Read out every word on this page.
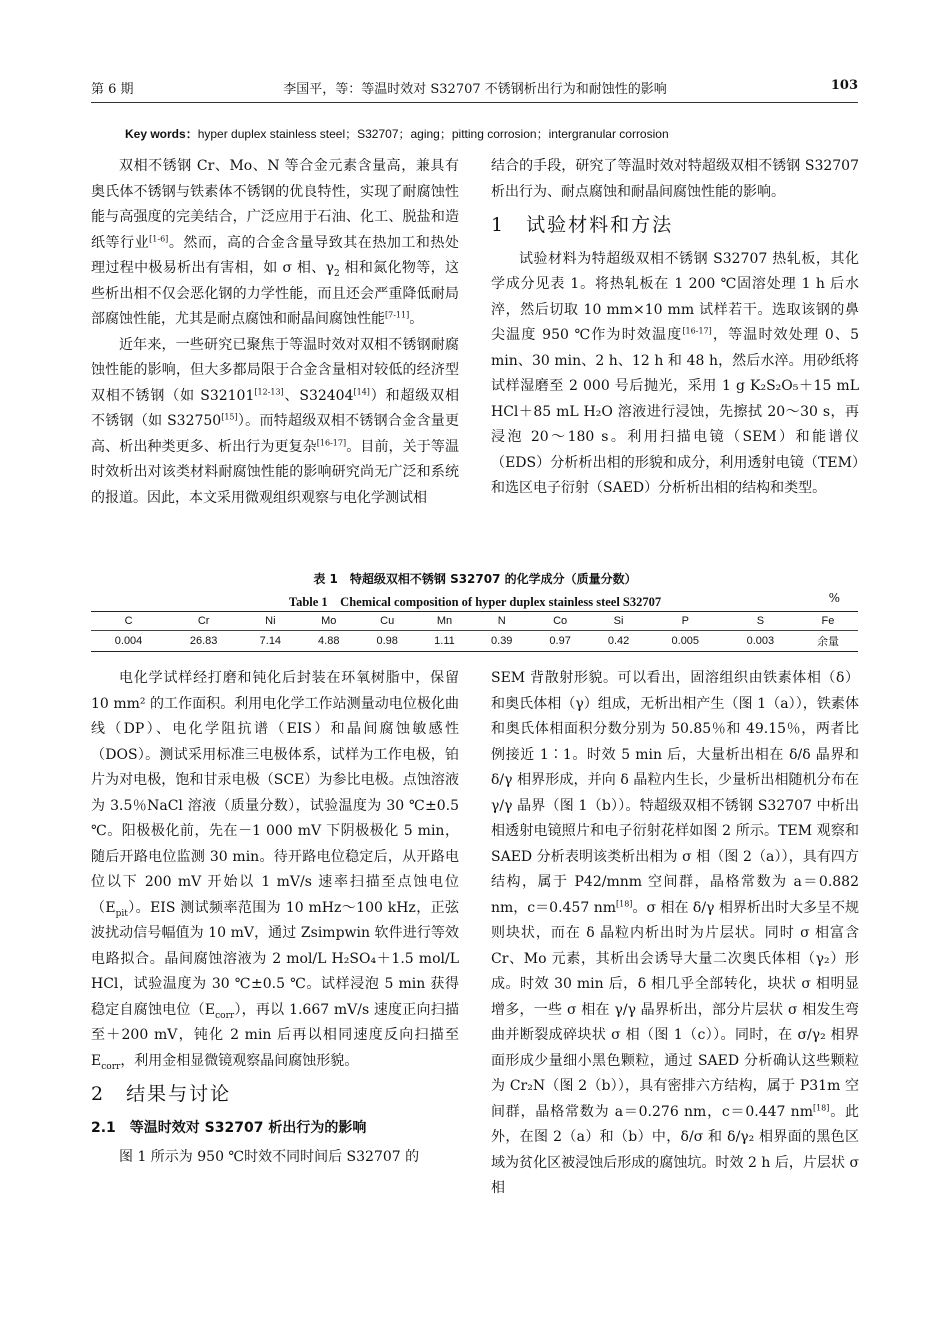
第 6 期	李国平，等：等温时效对 S32707 不锈钢析出行为和耐蚀性的影响	103
Key words：hyper duplex stainless steel；S32707；aging；pitting corrosion；intergranular corrosion

双相不锈钢 Cr、Mo、N 等合金元素含量高，兼具有奥氏体不锈钢与铁素体不锈钢的优良特性，实现了耐腐蚀性能与高强度的完美结合，广泛应用于石油、化工、脱盐和造纸等行业[1-6]。然而，高的合金含量导致其在热加工和热处理过程中极易析出有害相，如 σ 相、$\gamma_2$ 相和氮化物等，这些析出相不仅会恶化钢的力学性能，而且还会严重降低耐局部腐蚀性能，尤其是耐点腐蚀和耐晶间腐蚀性能[7-11]。

近年来，一些研究已聚焦于等温时效对双相不锈钢耐腐蚀性能的影响，但大多都局限于合金含量相对较低的经济型双相不锈钢（如 S32101[12-13]、S32404[14]）和超级双相不锈钢（如 S32750[15]）。而特超级双相不锈钢合金含量更高、析出种类更多、析出行为更复杂[16-17]。目前，关于等温时效析出对该类材料耐腐蚀性能的影响研究尚无广泛和系统的报道。因此，本文采用微观组织观察与电化学测试相

结合的手段，研究了等温时效对特超级双相不锈钢 S32707 析出行为、耐点腐蚀和耐晶间腐蚀性能的影响。

1　试验材料和方法

试验材料为特超级双相不锈钢 S32707 热轧板，其化学成分见表 1。将热轧板在 1 200 ℃固溶处理 1 h 后水淬，然后切取 10 mm×10 mm 试样若干。选取该钢的鼻尖温度 950 ℃作为时效温度[16-17]，等温时效处理 0、5 min、30 min、2 h、12 h 和 48 h，然后水淬。用砂纸将试样湿磨至 2 000 号后抛光，采用 1 g K₂S₂O₅＋15 mL HCl＋85 mL H₂O 溶液进行浸蚀，先擦拭 20～30 s，再浸泡 20～180 s。利用扫描电镜（SEM）和能谱仪（EDS）分析析出相的形貌和成分，利用透射电镜（TEM）和选区电子衍射（SAED）分析析出相的结构和类型。

表 1　特超级双相不锈钢 S32707 的化学成分（质量分数）
Table 1　Chemical composition of hyper duplex stainless steel S32707	%
C	Cr	Ni	Mo	Cu	Mn	N	Co	Si	P	S	Fe
0.004	26.83	7.14	4.88	0.98	1.11	0.39	0.97	0.42	0.005	0.003	余量

电化学试样经打磨和钝化后封装在环氧树脂中，保留 10 mm² 的工作面积。利用电化学工作站测量动电位极化曲线（DP）、电化学阻抗谱（EIS）和晶间腐蚀敏感性（DOS）。测试采用标准三电极体系，试样为工作电极，铂片为对电极，饱和甘汞电极（SCE）为参比电极。点蚀溶液为 3.5％NaCl 溶液（质量分数），试验温度为 30 ℃±0.5 ℃。阳极极化前，先在－1 000 mV 下阴极极化 5 min，随后开路电位监测 30 min。待开路电位稳定后，从开路电位以下 200 mV 开始以 1 mV/s 速率扫描至点蚀电位$(E_{pit})$。EIS 测试频率范围为 10 mHz～100 kHz，正弦波扰动信号幅值为 10 mV，通过 Zsimpwin 软件进行等效电路拟合。晶间腐蚀溶液为 2 mol/L H₂SO₄＋1.5 mol/L HCl，试验温度为 30 ℃±0.5 ℃。试样浸泡 5 min 获得稳定自腐蚀电位$(E_{corr})$，再以 1.667 mV/s 速度正向扫描至＋200 mV，钝化 2 min 后再以相同速度反向扫描至 $E_{corr}$，利用金相显微镜观察晶间腐蚀形貌。

2　结果与讨论
2.1　等温时效对 S32707 析出行为的影响

图 1 所示为 950 ℃时效不同时间后 S32707 的

SEM 背散射形貌。可以看出，固溶组织由铁素体相（δ）和奥氏体相（γ）组成，无析出相产生（图 1（a）），铁素体和奥氏体相面积分数分别为 50.85％和 49.15％，两者比例接近 1∶1。时效 5 min 后，大量析出相在 δ/δ 晶界和 δ/γ 相界形成，并向 δ 晶粒内生长，少量析出相随机分布在 γ/γ 晶界（图 1（b））。特超级双相不锈钢 S32707 中析出相透射电镜照片和电子衍射花样如图 2 所示。TEM 观察和 SAED 分析表明该类析出相为 σ 相（图 2（a）），具有四方结构，属于 P42/mnm 空间群，晶格常数为 a＝0.882 nm，c＝0.457 nm[18]。σ 相在 δ/γ 相界析出时大多呈不规则块状，而在 δ 晶粒内析出时为片层状。同时 σ 相富含 Cr、Mo 元素，其析出会诱导大量二次奥氏体相（γ₂）形成。时效 30 min 后，δ 相几乎全部转化，块状 σ 相明显增多，一些 σ 相在 γ/γ 晶界析出，部分片层状 σ 相发生弯曲并断裂成碎块状 σ 相（图 1（c））。同时，在 σ/γ₂ 相界面形成少量细小黑色颗粒，通过 SAED 分析确认这些颗粒为 Cr₂N（图 2（b）），具有密排六方结构，属于 P31m 空间群，晶格常数为 a＝0.276 nm，c＝0.447 nm[18]。此外，在图 2（a）和（b）中，δ/σ 和 δ/γ₂ 相界面的黑色区域为贫化区被浸蚀后形成的腐蚀坑。时效 2 h 后，片层状 σ 相
